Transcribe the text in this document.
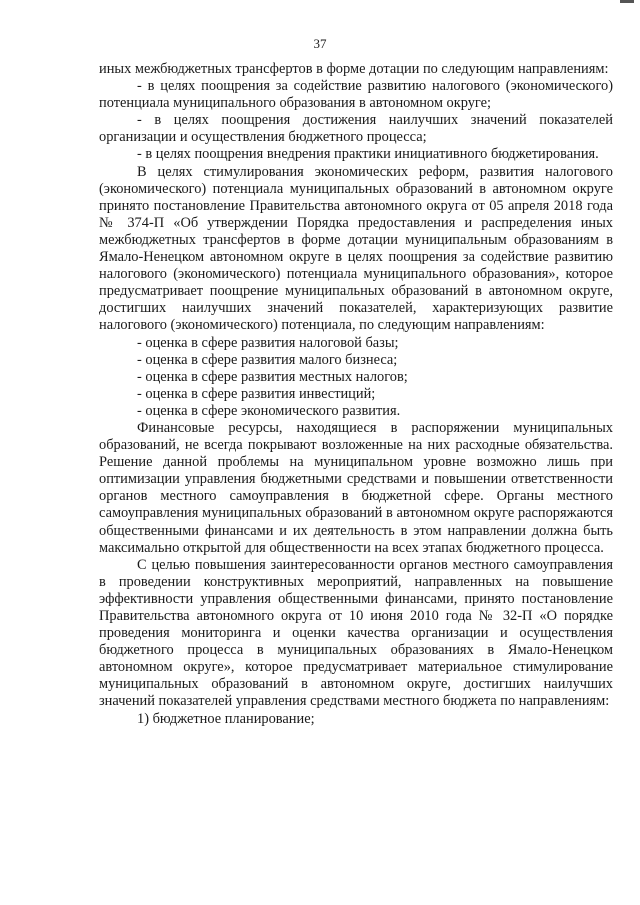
37

иных межбюджетных трансфертов в форме дотации по следующим направлениям:

- в целях поощрения за содействие развитию налогового (экономического) потенциала муниципального образования в автономном округе;

- в целях поощрения достижения наилучших значений показателей организации и осуществления бюджетного процесса;

- в целях поощрения внедрения практики инициативного бюджетирования.

В целях стимулирования экономических реформ, развития налогового (экономического) потенциала муниципальных образований в автономном округе принято постановление Правительства автономного округа от 05 апреля 2018 года № 374-П «Об утверждении Порядка предоставления и распределения иных межбюджетных трансфертов в форме дотации муниципальным образованиям в Ямало-Ненецком автономном округе в целях поощрения за содействие развитию налогового (экономического) потенциала муниципального образования», которое предусматривает поощрение муниципальных образований в автономном округе, достигших наилучших значений показателей, характеризующих развитие налогового (экономического) потенциала, по следующим направлениям:

- оценка в сфере развития налоговой базы;

- оценка в сфере развития малого бизнеса;

- оценка в сфере развития местных налогов;

- оценка в сфере развития инвестиций;

- оценка в сфере экономического развития.

Финансовые ресурсы, находящиеся в распоряжении муниципальных образований, не всегда покрывают возложенные на них расходные обязательства. Решение данной проблемы на муниципальном уровне возможно лишь при оптимизации управления бюджетными средствами и повышении ответственности органов местного самоуправления в бюджетной сфере. Органы местного самоуправления муниципальных образований в автономном округе распоряжаются общественными финансами и их деятельность в этом направлении должна быть максимально открытой для общественности на всех этапах бюджетного процесса.

С целью повышения заинтересованности органов местного самоуправления в проведении конструктивных мероприятий, направленных на повышение эффективности управления общественными финансами, принято постановление Правительства автономного округа от 10 июня 2010 года № 32-П «О порядке проведения мониторинга и оценки качества организации и осуществления бюджетного процесса в муниципальных образованиях в Ямало-Ненецком автономном округе», которое предусматривает материальное стимулирование муниципальных образований в автономном округе, достигших наилучших значений показателей управления средствами местного бюджета по направлениям:

1) бюджетное планирование;
